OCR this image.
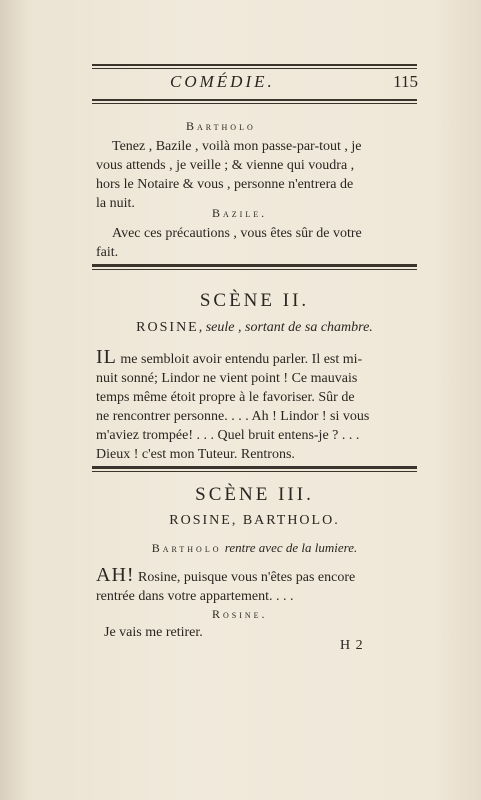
COMÉDIE.	115
Bartholo
Tenez , Bazile , voilà mon passe-par-tout , je
vous attends , je veille ; & vienne qui voudra ,
hors le Notaire & vous , personne n'entrera de
la nuit.
Bazile.
Avec ces précautions , vous êtes sûr de votre
fait.
SCÈNE II.
ROSINE, seule , sortant de sa chambre.
IL me sembloit avoir entendu parler. Il est mi-
nuit sonné; Lindor ne vient point ! Ce mauvais
temps même étoit propre à le favoriser. Sûr de
ne rencontrer personne. . . . Ah ! Lindor ! si vous
m'aviez trompée! . . . Quel bruit entens-je ? . . .
Dieux ! c'est mon Tuteur. Rentrons.
SCÈNE III.
ROSINE, BARTHOLO.
Bartholo rentre avec de la lumiere.
AH! Rosine, puisque vous n'êtes pas encore
rentrée dans votre appartement. . . .
Rosine.
Je vais me retirer.
H 2
